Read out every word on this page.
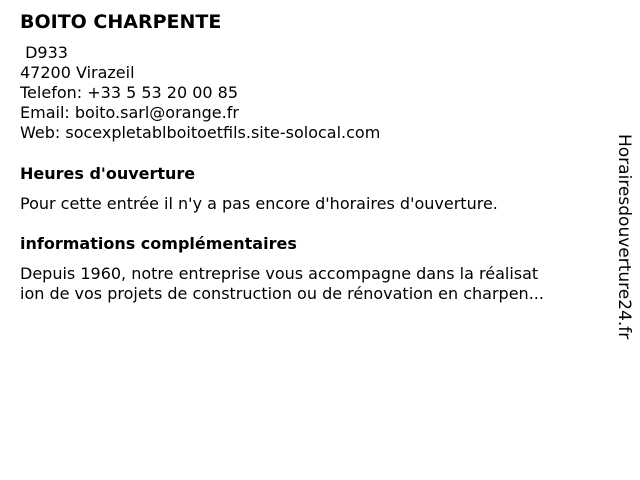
BOITO CHARPENTE
D933
47200 Virazeil
Telefon: +33 5 53 20 00 85
Email: boito.sarl@orange.fr
Web: socexpletablboitoetfils.site-solocal.com
Heures d'ouverture
Pour cette entrée il n'y a pas encore d'horaires d'ouverture.
informations complémentaires
Depuis 1960, notre entreprise vous accompagne dans la réalisat
ion de vos projets de construction ou de rénovation en charpen...	Horairesdouverture24.fr
